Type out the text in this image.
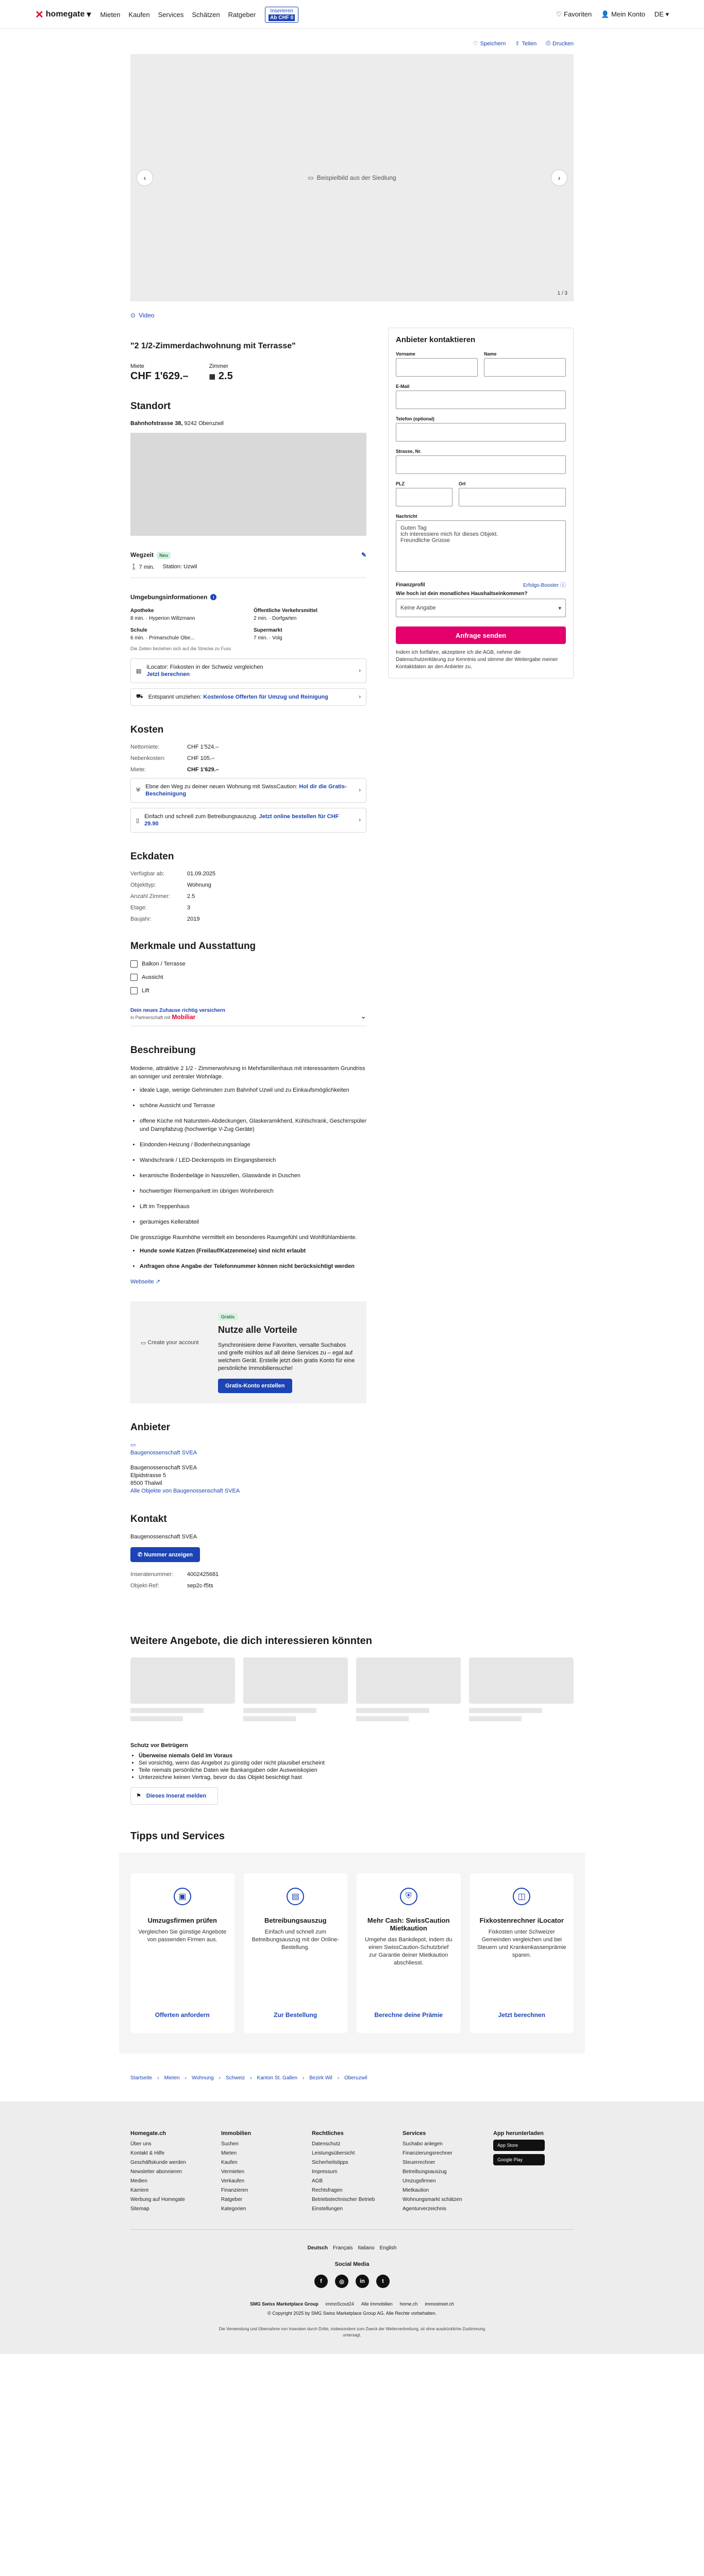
✕ homegate ▾ Mieten Kaufen Services Schätzen Ratgeber	Inserieren
Ab CHF 0	♡ Favoriten 👤 Mein Konto DE ▾
♡ Speichern ⇪ Teilen ⎙ Drucken
▭ Beispielbild aus der Siedlung
‹	›
1 / 3
⊙ Video
"2 1/2-Zimmerdachwohnung mit Terrasse"
Miete
CHF 1'629.–
Zimmer
▦ 2.5
Standort
Bahnhofstrasse 38, 9242 Oberuzwil
Wegzeit Neu	✎
🚶 7 min. Station: Uzwil
Umgebungsinformationen	i
Apotheke
8 min. · Hyperion Wiltzmann
Öffentliche Verkehrsmittel
2 min. · Dorfgarten
Schule
6 min. · Primarschule Obe...
Supermarkt
7 min. · Volg
Die Zeiten beziehen sich auf die Strecke zu Fuss
▤
iLocator: Fixkosten in der Schweiz vergleichen
Jetzt berechnen
›
⛟ Entspannt umziehen: Kostenlose Offerten für Umzug und Reinigung	›
Kosten
Nettomiete:	CHF 1'524.–
Nebenkosten:	CHF 105.–
Miete:	CHF 1'629.–
⛨
Ebne den Weg zu deiner neuen Wohnung mit SwissCaution: Hol dir die Gratis-Bescheinigung
›
▯
Einfach und schnell zum Betreibungsauszug. Jetzt online bestellen für CHF 29.90
›
Eckdaten
Verfügbar ab:	01.09.2025
Objekttyp:	Wohnung
Anzahl Zimmer:	2.5
Etage:	3
Baujahr:	2019
Merkmale und Ausstattung
Balkon / Terrasse
Aussicht
Lift
Dein neues Zuhause richtig versichern
in Partnerschaft mit Mobiliar	⌄
Beschreibung

Moderne, attraktive 2 1/2 - Zimmerwohnung in Mehrfamilienhaus mit interessantem Grundriss an sonniger und zentraler Wohnlage.

• ideale Lage, wenige Gehminuten zum Bahnhof Uzwil und zu Einkaufsmöglichkeiten
• schöne Aussicht und Terrasse
• offene Küche mit Naturstein-Abdeckungen, Glaskeramikherd, Kühlschrank, Geschirrspüler und Dampfabzug (hochwertige V-Zug Geräte)
• Eindonden-Heizung / Bodenheizungsanlage
• Wandschrank / LED-Deckenspots im Eingangsbereich
• keramische Bodenbeläge in Nasszellen, Glaswände in Duschen
• hochwertiger Riemenparkett im übrigen Wohnbereich
• Lift im Treppenhaus
• geräumiges Kellerabteil

Die grosszügige Raumhöhe vermittelt ein besonderes Raumgefühl und Wohlfühlambiente.

• Hunde sowie Katzen (Freilauf/Katzenmeise) sind nicht erlaubt
• Anfragen ohne Angabe der Telefonnummer können nicht berücksichtigt werden
Webseite ↗
▭
Create your account
Gratis
Nutze alle Vorteile

Synchronisiere deine Favoriten, versalte Suchabos und greife mühlos auf all deine Services zu – egal auf welchem Gerät. Erstelle jetzt dein gratis Konto für eine persönliche Immobiliensuche!

Gratis-Konto erstellen
Anbieter
▭
Baugenossenschaft SVEA
Baugenossenschaft SVEA
Elpidstrasse 5
8500 Thalwil
Alle Objekte von Baugenossenschaft SVEA
Kontakt
Baugenossenschaft SVEA
✆ Nummer anzeigen
Inseratenummer:	4002425681
Objekt-Ref:	sep2c-f5ts
Anbieter kontaktieren
Vorname	Name
E-Mail
Telefon (optional)
Strasse, Nr.
PLZ	Ort
Nachricht
Guten Tag Ich interessiere mich für dieses Objekt. Freundliche Grüsse
Finanzprofil	Erfolgs-Booster ⓘ
Wie hoch ist dein monatliches Haushaltseinkommen?
Keine Angabe	▾
Anfrage senden

Indem ich fortfahre, akzeptiere ich die AGB, nehme die Datenschutzerklärung zur Kenntnis und stimme der Weitergabe meiner Kontaktdaten an den Anbieter zu.

Weitere Angebote, die dich interessieren könnten
Schutz vor Betrügern
• Überweise niemals Geld im Voraus
• Sei vorsichtig, wenn das Angebot zu günstig oder nicht plausibel erscheint
• Teile niemals persönliche Daten wie Bankangaben oder Ausweiskopien
• Unterzeichne keinen Vertrag, bevor du das Objekt besichtigt hast
⚑ Dieses Inserat melden
Tipps und Services
▣
Umzugsfirmen prüfen

Vergleichen Sie günstige Angebote von passenden Firmen aus.

Offerten anfordern
▤
Betreibungsauszug

Einfach und schnell zum Betreibungsauszug mit der Online-Bestellung.

Zur Bestellung
⛨
Mehr Cash: SwissCaution Mietkaution

Umgehe das Bankdepot, indem du einen SwissCaution-Schutzbrief zur Garantie deiner Mietkaution abschliesst.

Berechne deine Prämie
◫
Fixkostenrechner iLocator

Fixkosten unter Schweizer Gemeinden vergleichen und bei Steuern und Krankenkassenprämie sparen.

Jetzt berechnen
Startseite › Mieten › Wohnung › Schweiz › Kanton St. Gallen › Bezirk Wil › Oberuzwil
Homegate.ch
Über uns
Kontakt & Hilfe
Geschäftskunde werden
Newsletter abonnieren
Medien
Karriere
Werbung auf Homegate
Sitemap
Immobilien
Suchen
Mieten
Kaufen
Vermieten
Verkaufen
Finanzieren
Ratgeber
Kategorien
Rechtliches
Datenschutz
Leistungsübersicht
Sicherheitstipps
Impressum
AGB
Rechtsfragen
Betriebstechnischer Betrieb
Einstellungen
Services
Suchabo anlegen
Finanzierungsrechner
Steuerrechner
Betreibungsauszug
Umzugsfirmen
Mietkaution
Wohnungsmarkt schätzen
Agenturverzeichnis
App herunterladen
App Store
Google Play
Deutsch Français Italiano English
Social Media
f	◎	in	t
SMG Swiss Marketplace Group immoScout24 Alle Immobilien home.ch immostreet.ch
© Copyright 2025 by SMG Swiss Marketplace Group AG. Alle Rechte vorbehalten.
Die Verwendung und Übernahme von Inseraten durch Dritte, insbesondere zum Zweck der Weiterverbreitung, ist ohne ausdrückliche Zustimmung untersagt.
